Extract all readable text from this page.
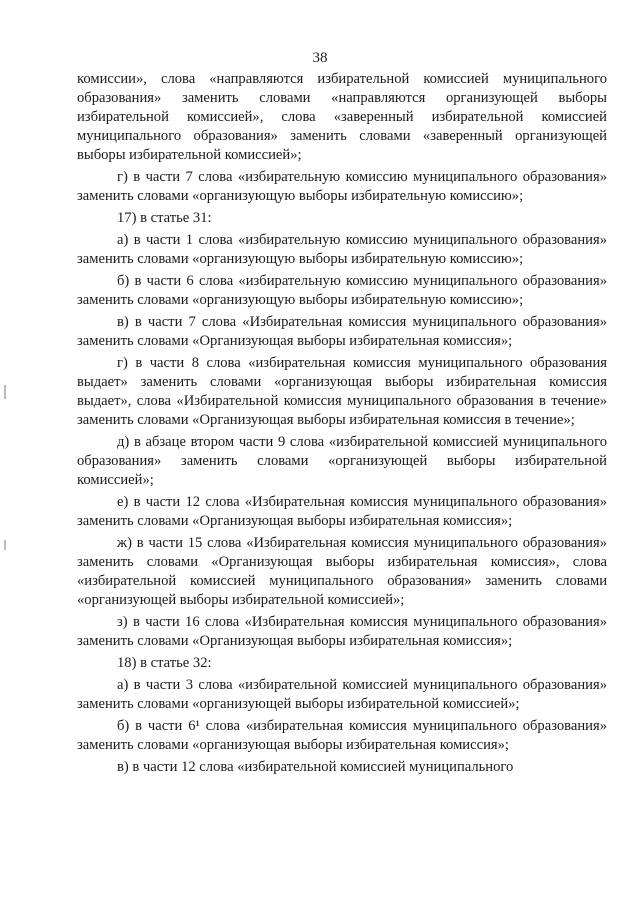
38

комиссии», слова «направляются избирательной комиссией муниципального образования» заменить словами «направляются организующей выборы избирательной комиссией», слова «заверенный избирательной комиссией муниципального образования» заменить словами «заверенный организующей выборы избирательной комиссией»;

г) в части 7 слова «избирательную комиссию муниципального образования» заменить словами «организующую выборы избирательную комиссию»;

17) в статье 31:

а) в части 1 слова «избирательную комиссию муниципального образования» заменить словами «организующую выборы избирательную комиссию»;

б) в части 6 слова «избирательную комиссию муниципального образования» заменить словами «организующую выборы избирательную комиссию»;

в) в части 7 слова «Избирательная комиссия муниципального образования» заменить словами «Организующая выборы избирательная комиссия»;

г) в части 8 слова «избирательная комиссия муниципального образования выдает» заменить словами «организующая выборы избирательная комиссия выдает», слова «Избирательной комиссия муниципального образования в течение» заменить словами «Организующая выборы избирательная комиссия в течение»;

д) в абзаце втором части 9 слова «избирательной комиссией муниципального образования» заменить словами «организующей выборы избирательной комиссией»;

е) в части 12 слова «Избирательная комиссия муниципального образования» заменить словами «Организующая выборы избирательная комиссия»;

ж) в части 15 слова «Избирательная комиссия муниципального образования» заменить словами «Организующая выборы избирательная комиссия», слова «избирательной комиссией муниципального образования» заменить словами «организующей выборы избирательной комиссией»;

з) в части 16 слова «Избирательная комиссия муниципального образования» заменить словами «Организующая выборы избирательная комиссия»;

18) в статье 32:

а) в части 3 слова «избирательной комиссией муниципального образования» заменить словами «организующей выборы избирательной комиссией»;

б) в части 6¹ слова «избирательная комиссия муниципального образования» заменить словами «организующая выборы избирательная комиссия»;

в) в части 12 слова «избирательной комиссией муниципального
